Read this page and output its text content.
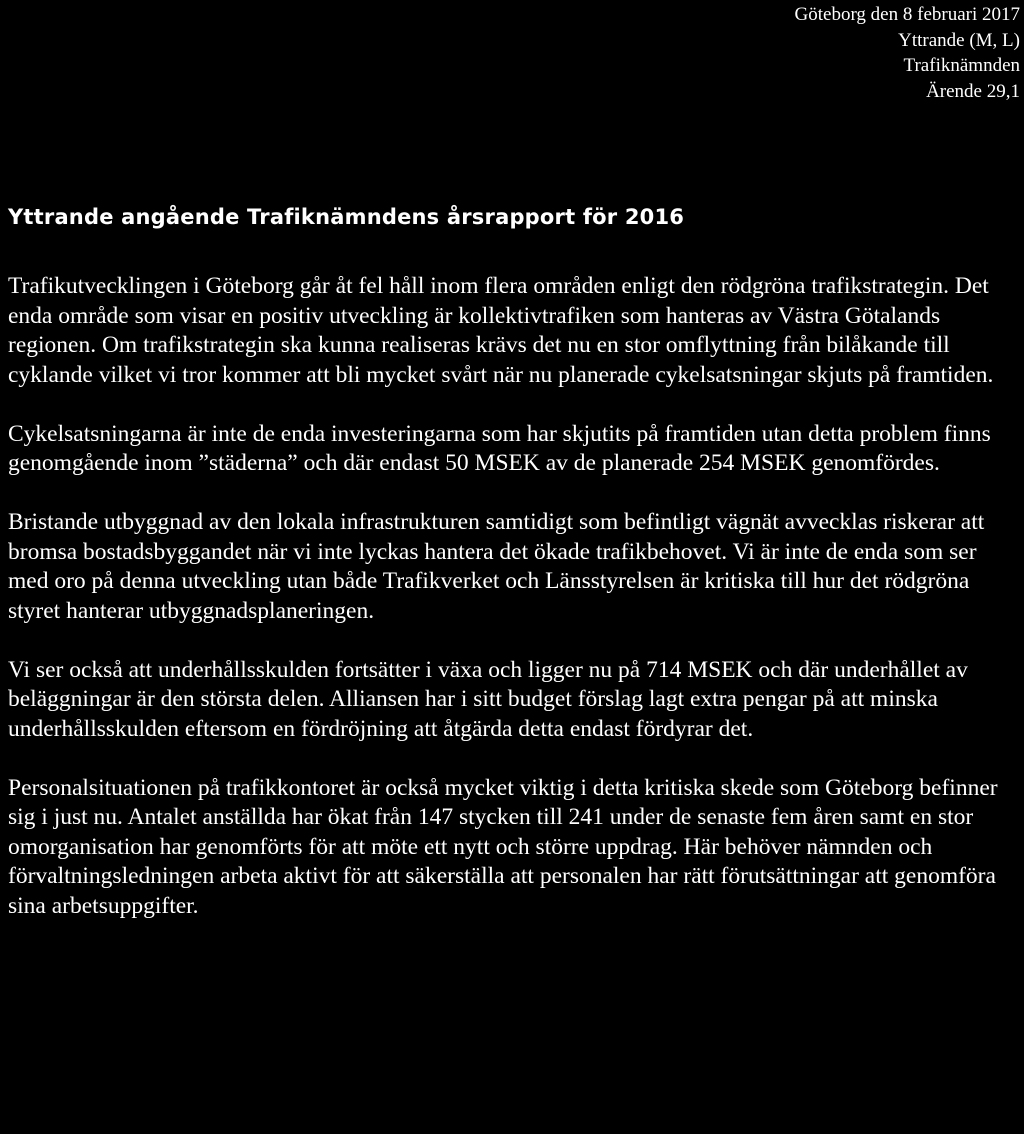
Göteborg den 8 februari 2017
Yttrande (M, L)
Trafiknämnden
Ärende 29,1
Yttrande angående Trafiknämndens årsrapport för 2016

Trafikutvecklingen i Göteborg går åt fel håll inom flera områden enligt den rödgröna trafikstrategin. Det enda område som visar en positiv utveckling är kollektivtrafiken som hanteras av Västra Götalands regionen. Om trafikstrategin ska kunna realiseras krävs det nu en stor omflyttning från bilåkande till cyklande vilket vi tror kommer att bli mycket svårt när nu planerade cykelsatsningar skjuts på framtiden.

Cykelsatsningarna är inte de enda investeringarna som har skjutits på framtiden utan detta problem finns genomgående inom ”städerna” och där endast 50 MSEK av de planerade 254 MSEK genomfördes.

Bristande utbyggnad av den lokala infrastrukturen samtidigt som befintligt vägnät avvecklas riskerar att bromsa bostadsbyggandet när vi inte lyckas hantera det ökade trafikbehovet. Vi är inte de enda som ser med oro på denna utveckling utan både Trafikverket och Länsstyrelsen är kritiska till hur det rödgröna styret hanterar utbyggnadsplaneringen.

Vi ser också att underhållsskulden fortsätter i växa och ligger nu på 714 MSEK och där underhållet av beläggningar är den största delen. Alliansen har i sitt budget förslag lagt extra pengar på att minska underhållsskulden eftersom en fördröjning att åtgärda detta endast fördyrar det.

Personalsituationen på trafikkontoret är också mycket viktig i detta kritiska skede som Göteborg befinner sig i just nu. Antalet anställda har ökat från 147 stycken till 241 under de senaste fem åren samt en stor omorganisation har genomförts för att möte ett nytt och större uppdrag. Här behöver nämnden och förvaltningsledningen arbeta aktivt för att säkerställa att personalen har rätt förutsättningar att genomföra sina arbetsuppgifter.
